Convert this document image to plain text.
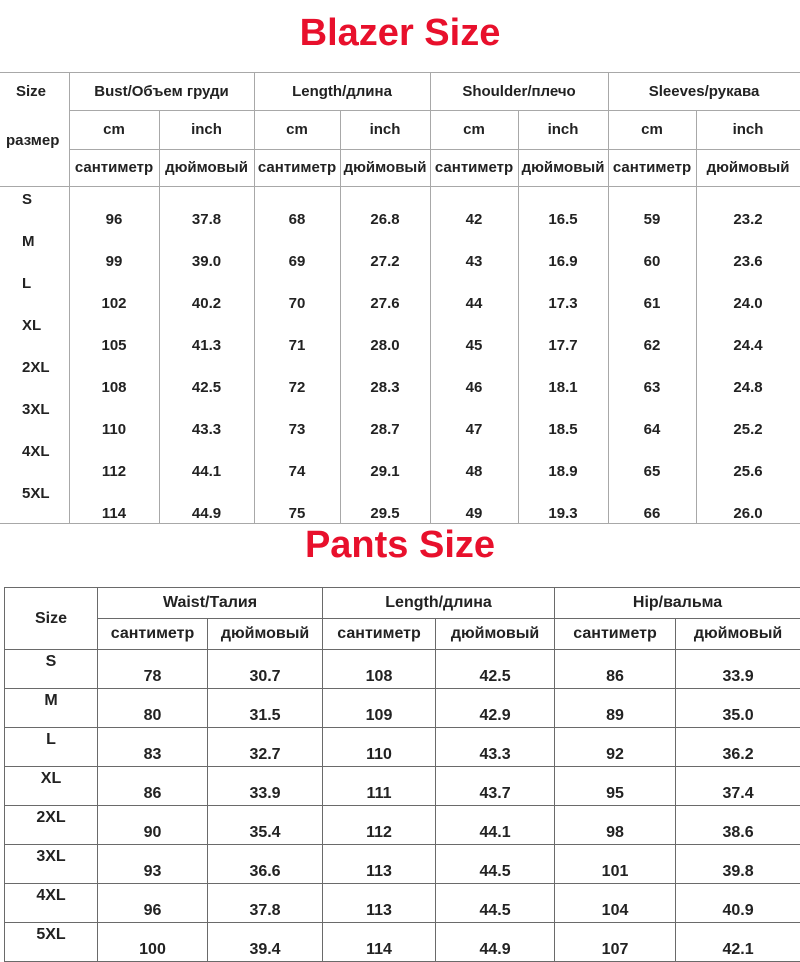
Blazer Size
Size
размер	Bust/Объем груди		Length/длина		Shoulder/плечо		Sleeves/рукава	
	cm	inch	cm	inch	cm	inch	cm	inch
	сантиметр	дюймовый	сантиметр	дюймовый	сантиметр	дюймовый	сантиметр	дюймовый
S	96	37.8	68	26.8	42	16.5	59	23.2
M	99	39.0	69	27.2	43	16.9	60	23.6
L	102	40.2	70	27.6	44	17.3	61	24.0
XL	105	41.3	71	28.0	45	17.7	62	24.4
2XL	108	42.5	72	28.3	46	18.1	63	24.8
3XL	110	43.3	73	28.7	47	18.5	64	25.2
4XL	112	44.1	74	29.1	48	18.9	65	25.6
5XL	114	44.9	75	29.5	49	19.3	66	26.0
Pants Size
Size	Waist/Талия		Length/длина		Hip/вальма	
	сантиметр	дюймовый	сантиметр	дюймовый	сантиметр	дюймовый
S	78	30.7	108	42.5	86	33.9
M	80	31.5	109	42.9	89	35.0
L	83	32.7	110	43.3	92	36.2
XL	86	33.9	111	43.7	95	37.4
2XL	90	35.4	112	44.1	98	38.6
3XL	93	36.6	113	44.5	101	39.8
4XL	96	37.8	113	44.5	104	40.9
5XL	100	39.4	114	44.9	107	42.1
